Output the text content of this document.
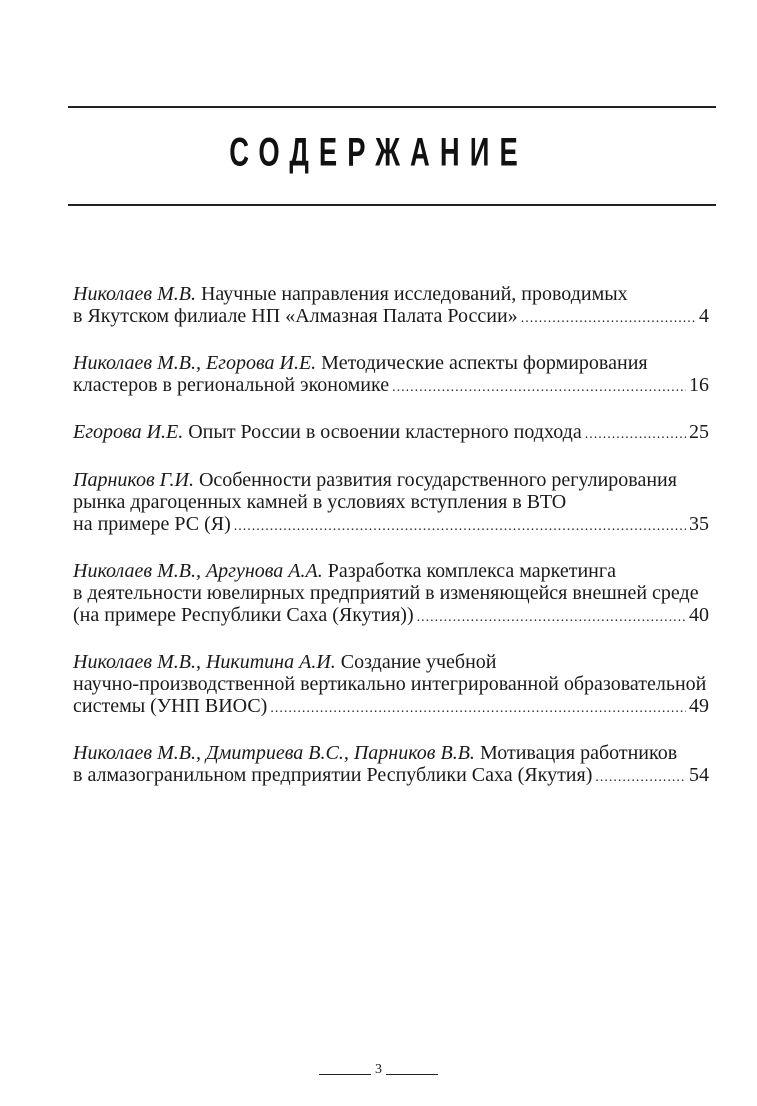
СОДЕРЖАНИЕ
Николаев М.В. Научные направления исследований, проводимых
в Якутском филиале НП «Алмазная Палата России» .....	4
Николаев М.В., Егорова И.Е. Методические аспекты формирования
кластеров в региональной экономике .....	16
Егорова И.Е. Опыт России в освоении кластерного подхода .....	25
Парников Г.И. Особенности развития государственного регулирования
рынка драгоценных камней в условиях вступления в ВТО
на примере РС (Я) .....	35
Николаев М.В., Аргунова А.А. Разработка комплекса маркетинга
в деятельности ювелирных предприятий в изменяющейся внешней среде
(на примере Республики Саха (Якутия)) .....	40
Николаев М.В., Никитина А.И. Создание учебной
научно-производственной вертикально интегрированной образовательной
системы (УНП ВИОС) .....	49
Николаев М.В., Дмитриева В.С., Парников В.В. Мотивация работников
в алмазогранильном предприятии Республики Саха (Якутия) .....	54
3
